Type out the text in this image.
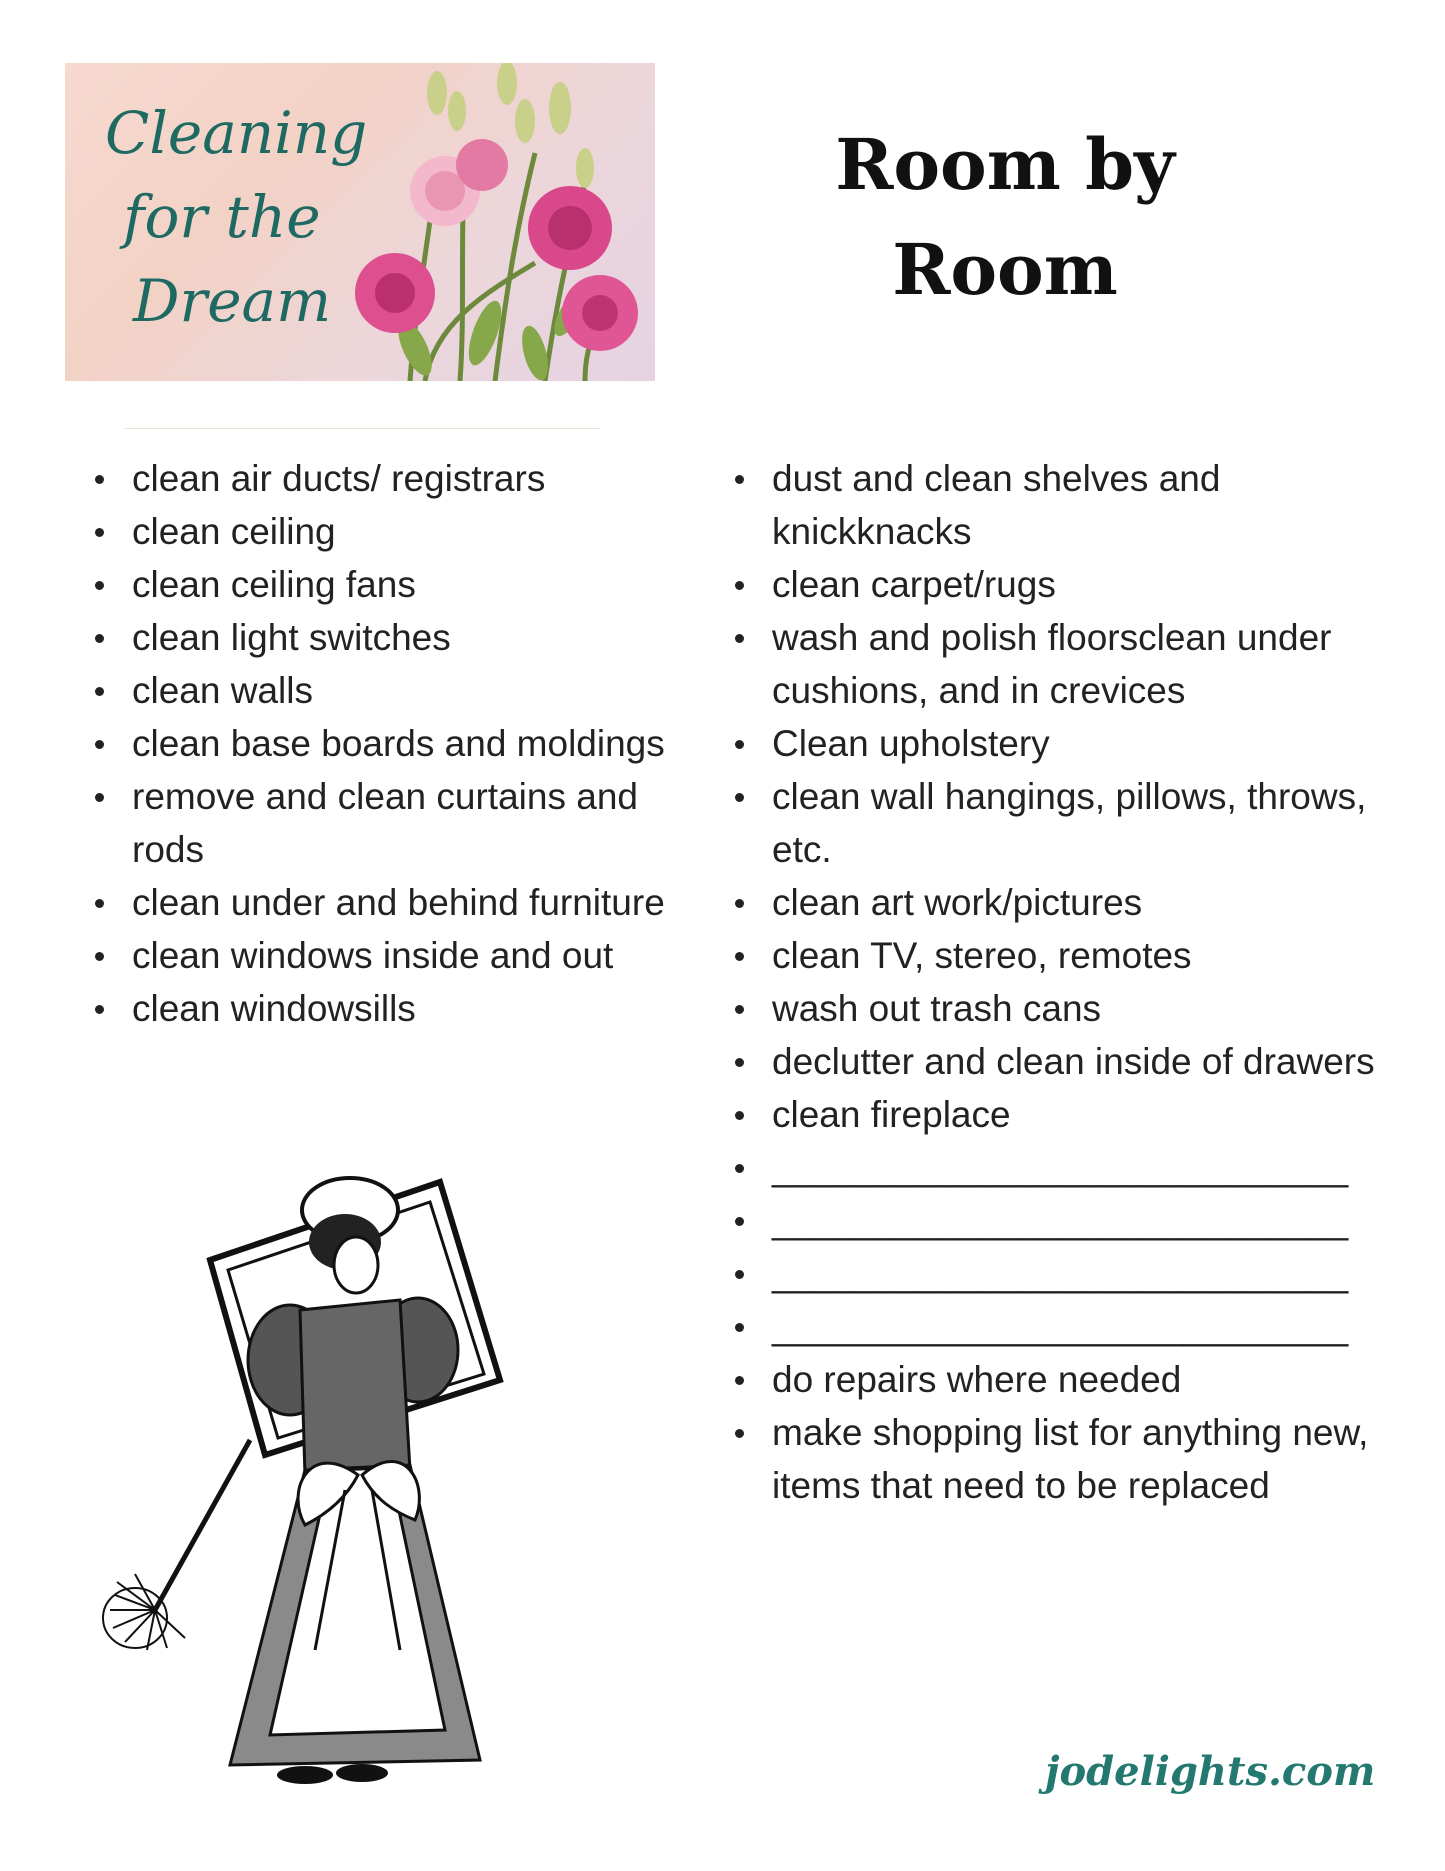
Cleaning
for the
Dream
Room by
Room
clean air ducts/ registrars
clean ceiling
clean ceiling fans
clean light switches
clean walls
clean base boards and moldings
remove and clean curtains and rods
clean under and behind furniture
clean windows inside and out
clean windowsills
dust and clean shelves and knickknacks
clean carpet/rugs
wash and polish floorsclean under cushions, and in crevices
Clean upholstery
clean wall hangings, pillows, throws, etc.
clean art work/pictures
clean TV, stereo, remotes
wash out trash cans
declutter and clean inside of drawers
clean fireplace
____________________________
____________________________
____________________________
____________________________
do repairs where needed
make shopping list for anything new, items that need to be replaced
jodelights.com
